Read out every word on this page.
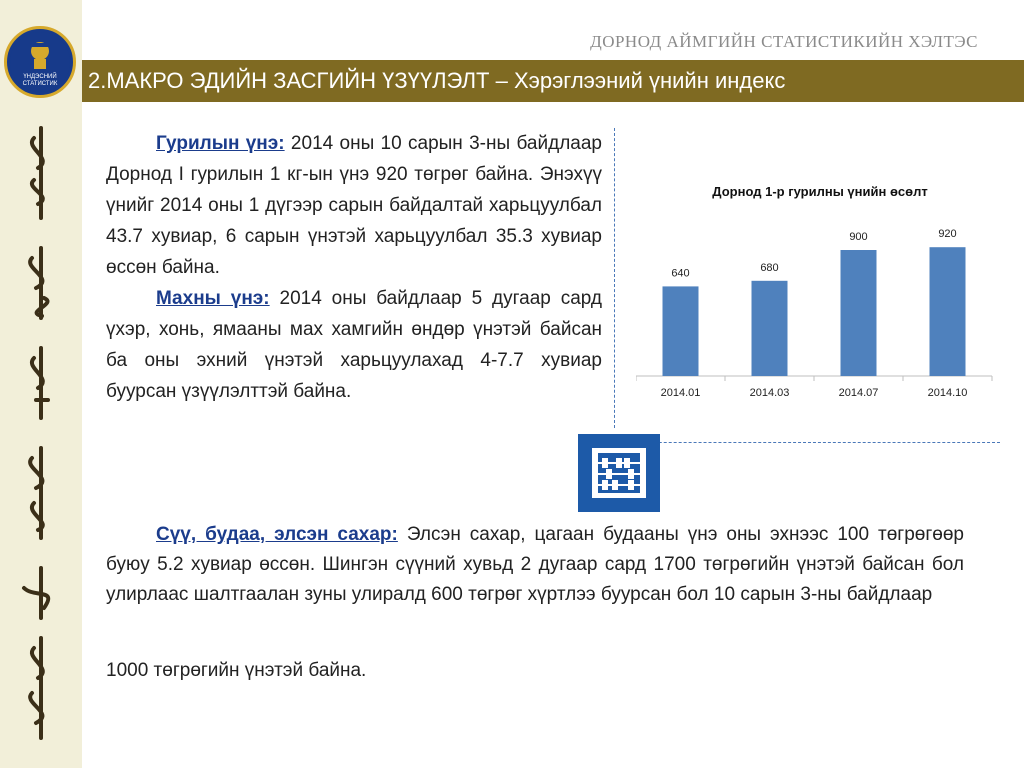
ҮНДЭСНИЙ
СТАТИСТИК
ДОРНОД АЙМГИЙН СТАТИСТИКИЙН ХЭЛТЭС
2.МАКРО ЭДИЙН ЗАСГИЙН ҮЗҮҮЛЭЛТ – Хэрэглээний үнийн индекс

Гурилын үнэ: 2014 оны 10 сарын 3-ны байдлаар Дорнод I гурилын 1 кг-ын үнэ 920 төгрөг байна. Энэхүү үнийг 2014 оны 1 дүгээр сарын байдалтай харьцуулбал 43.7 хувиар, 6 сарын үнэтэй харьцуулбал 35.3 хувиар өссөн байна.

Махны үнэ: 2014 оны байдлаар 5 дугаар сард үхэр, хонь, ямааны мах хамгийн өндөр үнэтэй байсан ба оны эхний үнэтэй харьцуулахад 4-7.7 хувиар буурсан үзүүлэлттэй байна.

Дорнод 1-р гурилны үнийн өсөлт
640
2014.01
680
2014.03
900
2014.07
920
2014.10

Сүү, будаа, элсэн сахар: Элсэн сахар, цагаан будааны үнэ оны эхнээс 100 төгрөгөөр буюу 5.2 хувиар өссөн. Шингэн сүүний хувьд 2 дугаар сард 1700 төгрөгийн үнэтэй байсан бол улирлаас шалтгаалан зуны улиралд 600 төгрөг хүртлээ буурсан бол 10 сарын 3-ны байдлаар

1000 төгрөгийн үнэтэй байна.
